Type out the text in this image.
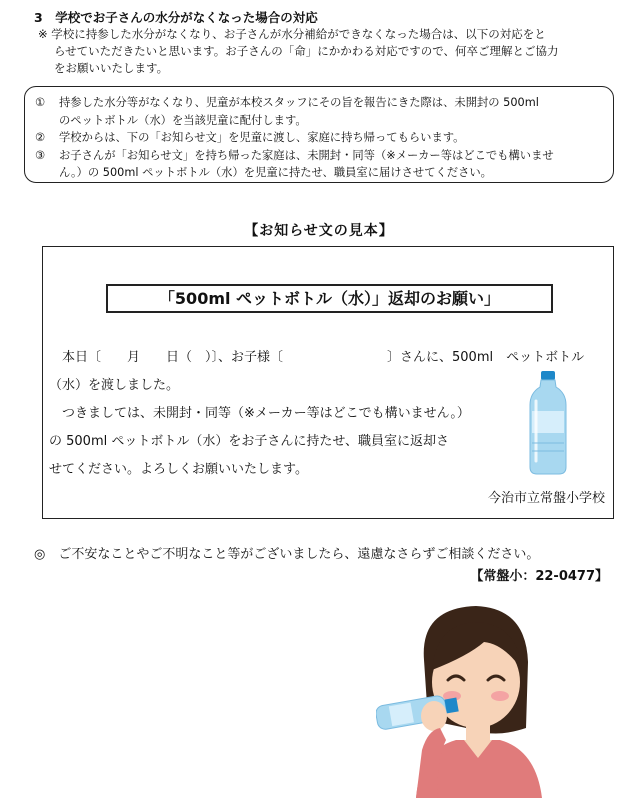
3　学校でお子さんの水分がなくなった場合の対応
※ 学校に持参した水分がなくなり、お子さんが水分補給ができなくなった場合は、以下の対応をと
らせていただきたいと思います。お子さんの「命」にかかわる対応ですので、何卒ご理解とご協力
をお願いいたします。
①	持参した水分等がなくなり、児童が本校スタッフにその旨を報告にきた際は、未開封の 500ml
のペットボトル（水）を当該児童に配付します。
②	学校からは、下の「お知らせ文」を児童に渡し、家庭に持ち帰ってもらいます。
③	お子さんが「お知らせ文」を持ち帰った家庭は、未開封・同等（※メーカー等はどこでも構いませ
ん。）の 500ml ペットボトル（水）を児童に持たせ、職員室に届けさせてください。
【お知らせ文の見本】
「500ml ペットボトル（水）」返却のお願い」
　本日〔　　月　　日（　）〕、お子様〔　　　　　　　　〕さんに、500ml　ペットボトル
（水）を渡しました。
　つきましては、未開封・同等（※メーカー等はどこでも構いません。）
の 500ml ペットボトル（水）をお子さんに持たせ、職員室に返却さ
せてください。よろしくお願いいたします。
今治市立常盤小学校
◎　ご不安なことやご不明なこと等がございましたら、遠慮なさらずご相談ください。
【常盤小：22-0477】
